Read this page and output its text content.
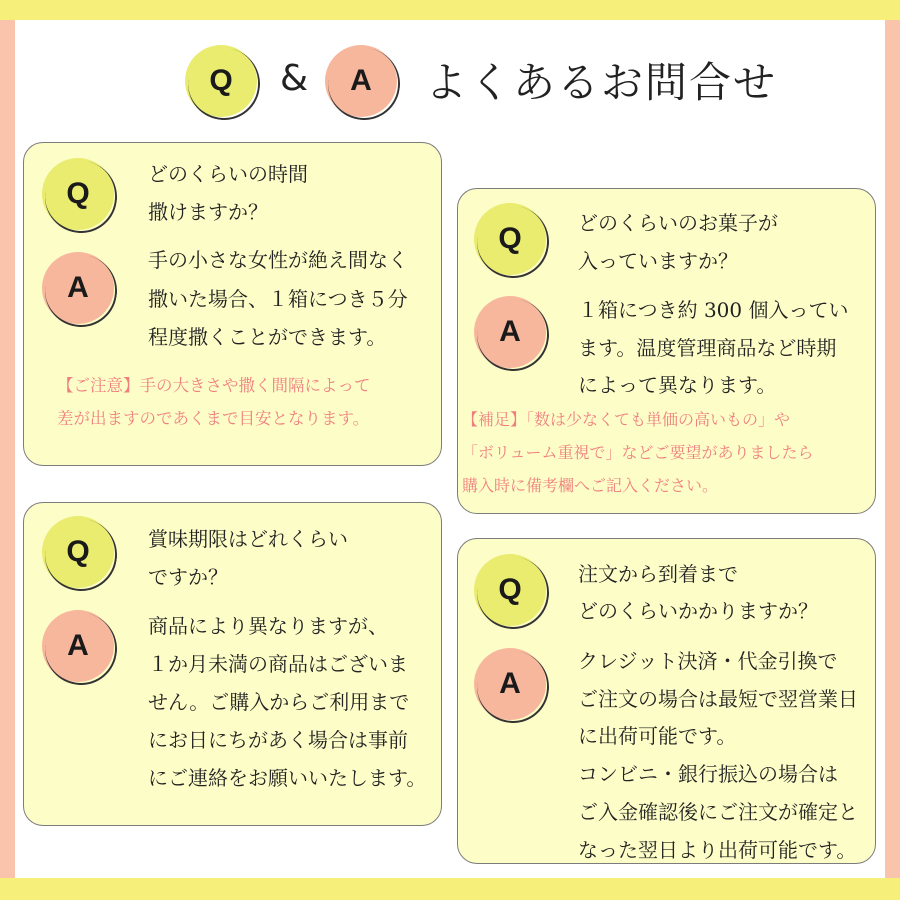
Q & A よくあるお問合せ
Q
どのくらいの時間
撒けますか？
A
手の小さな女性が絶え間なく
撒いた場合、１箱につき５分
程度撒くことができます。
【ご注意】手の大きさや撒く間隔によって
差が出ますのであくまで目安となります。
Q	どのくらいのお菓子が
入っていますか？
A
１箱につき約 300 個入ってい
ます。温度管理商品など時期
によって異なります。
【補足】「数は少なくても単価の高いもの」や
「ボリューム重視で」などご要望がありましたら
購入時に備考欄へご記入ください。
Q	賞味期限はどれくらい
ですか？
A
商品により異なりますが、
１か月未満の商品はございま
せん。ご購入からご利用まで
にお日にちがあく場合は事前
にご連絡をお願いいたします。
Q	注文から到着まで
どのくらいかかりますか？
A
クレジット決済・代金引換で
ご注文の場合は最短で翌営業日
に出荷可能です。
コンビニ・銀行振込の場合は
ご入金確認後にご注文が確定と
なった翌日より出荷可能です。
